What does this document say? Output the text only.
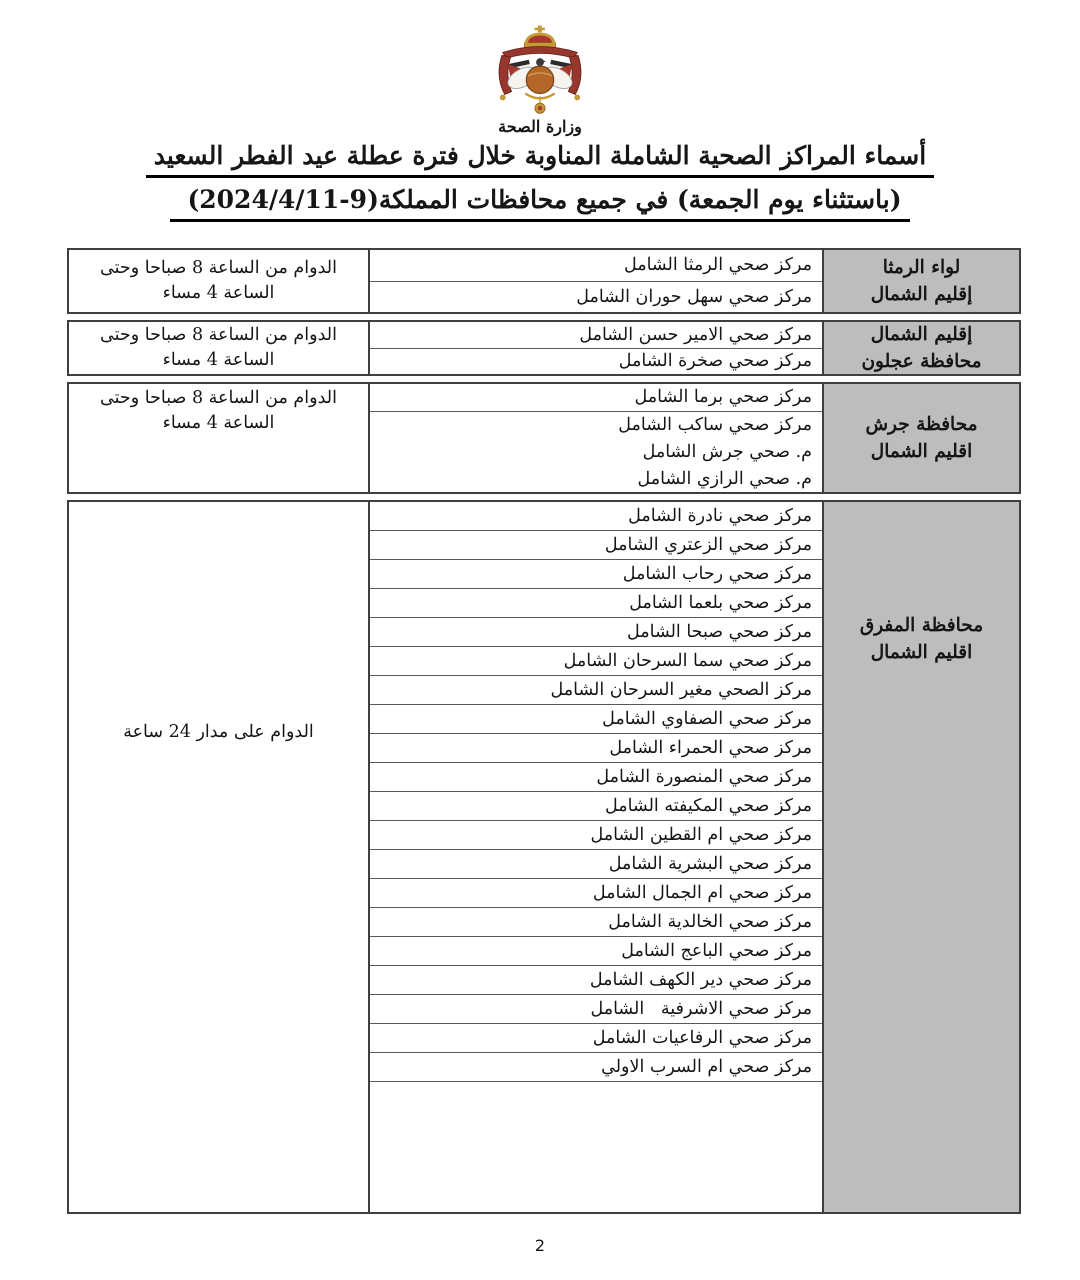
وزارة الصحة
أسماء المراكز الصحية الشاملة المناوبة خلال فترة عطلة عيد الفطر السعيد
(باستثناء يوم الجمعة) في جميع محافظات المملكة(2024/4/11-9)
الدوام من الساعة 8 صباحا وحتى
الساعة 4 مساء
مركز صحي الرمثا الشامل
مركز صحي سهل حوران الشامل
لواء الرمثا
إقليم الشمال
الدوام من الساعة 8 صباحا وحتى
الساعة 4 مساء
مركز صحي الامير حسن الشامل
مركز صحي صخرة الشامل
إقليم الشمال
محافظة عجلون
الدوام من الساعة 8 صباحا وحتى
الساعة 4 مساء
مركز صحي برما الشامل
مركز صحي ساكب الشامل
م. صحي جرش الشامل
م. صحي الرازي الشامل
محافظة جرش
اقليم الشمال
الدوام على مدار 24 ساعة
مركز صحي نادرة الشامل
مركز صحي الزعتري الشامل
مركز صحي رحاب الشامل
مركز صحي بلعما الشامل
مركز صحي صبحا الشامل
مركز صحي سما السرحان الشامل
مركز الصحي مغير السرحان الشامل
مركز صحي الصفاوي الشامل
مركز صحي الحمراء الشامل
مركز صحي المنصورة الشامل
مركز صحي المكيفته الشامل
مركز صحي ام القطين الشامل
مركز صحي البشرية الشامل
مركز صحي ام الجمال الشامل
مركز صحي الخالدية الشامل
مركز صحي الباعج الشامل
مركز صحي دير الكهف الشامل
مركز صحي الاشرفية   الشامل
مركز صحي الرفاعيات الشامل
مركز صحي ام السرب الاولي
محافظة المفرق
اقليم الشمال
2
